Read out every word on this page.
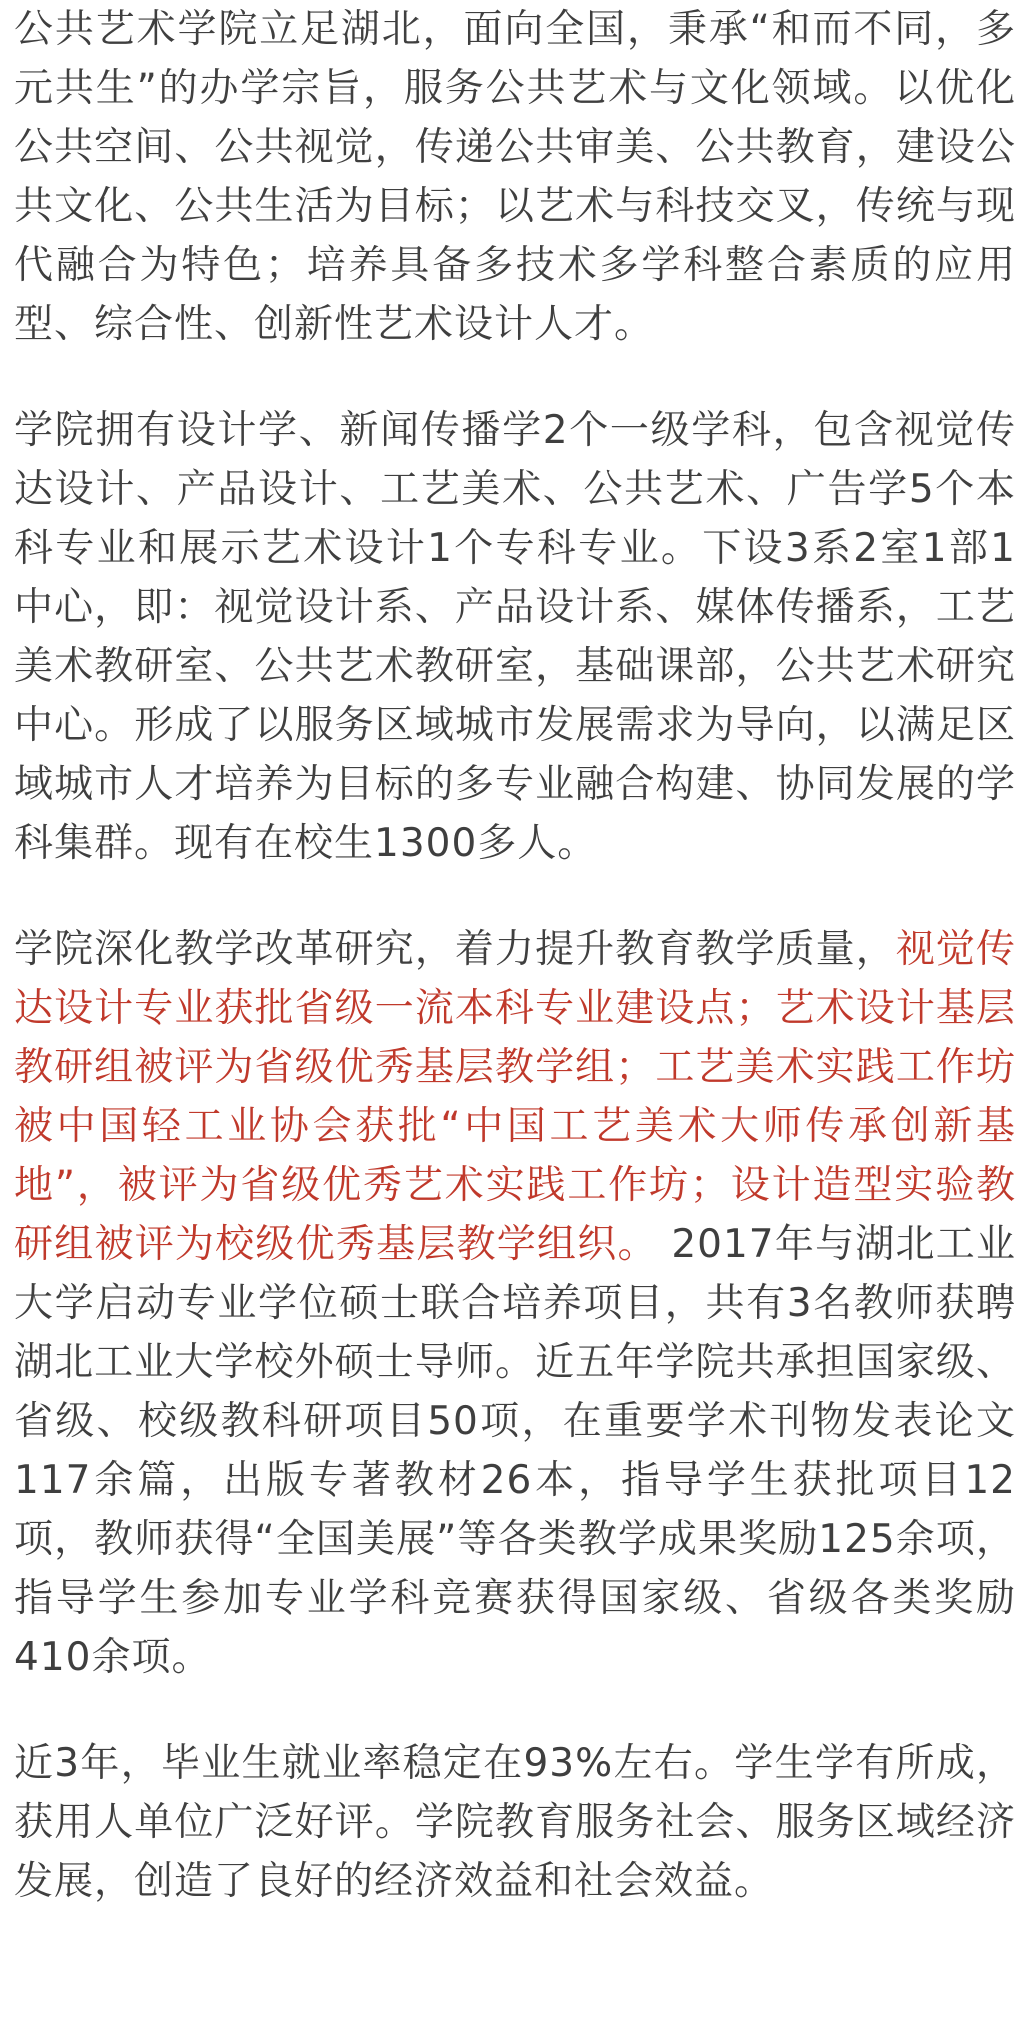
公共艺术学院立足湖北，面向全国，秉承“和而不同，多元共生”的办学宗旨，服务公共艺术与文化领域。以优化公共空间、公共视觉，传递公共审美、公共教育，建设公共文化、公共生活为目标；以艺术与科技交叉，传统与现代融合为特色；培养具备多技术多学科整合素质的应用型、综合性、创新性艺术设计人才。

学院拥有设计学、新闻传播学2个一级学科，包含视觉传达设计、产品设计、工艺美术、公共艺术、广告学5个本科专业和展示艺术设计1个专科专业。下设3系2室1部1中心，即：视觉设计系、产品设计系、媒体传播系，工艺美术教研室、公共艺术教研室，基础课部，公共艺术研究中心。形成了以服务区域城市发展需求为导向，以满足区域城市人才培养为目标的多专业融合构建、协同发展的学科集群。现有在校生1300多人。

学院深化教学改革研究，着力提升教育教学质量，视觉传达设计专业获批省级一流本科专业建设点；艺术设计基层教研组被评为省级优秀基层教学组；工艺美术实践工作坊被中国轻工业协会获批“中国工艺美术大师传承创新基地”，被评为省级优秀艺术实践工作坊；设计造型实验教研组被评为校级优秀基层教学组织。 2017年与湖北工业大学启动专业学位硕士联合培养项目，共有3名教师获聘湖北工业大学校外硕士导师。近五年学院共承担国家级、省级、校级教科研项目50项，在重要学术刊物发表论文117余篇，出版专著教材26本，指导学生获批项目12项，教师获得“全国美展”等各类教学成果奖励125余项，指导学生参加专业学科竞赛获得国家级、省级各类奖励410余项。

近3年，毕业生就业率稳定在93%左右。学生学有所成，获用人单位广泛好评。学院教育服务社会、服务区域经济发展，创造了良好的经济效益和社会效益。
